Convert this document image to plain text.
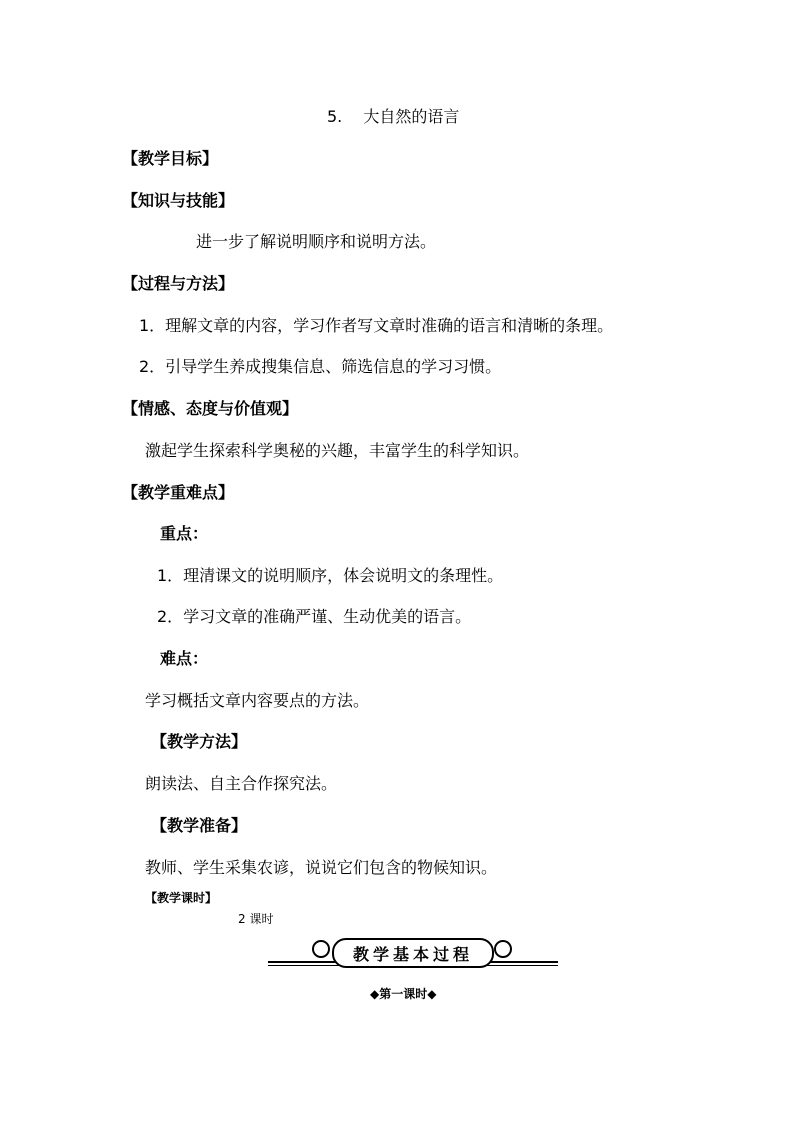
5.　 大自然的语言
【教学目标】
【知识与技能】
进一步了解说明顺序和说明方法。
【过程与方法】
1．理解文章的内容，学习作者写文章时准确的语言和清晰的条理。
2．引导学生养成搜集信息、筛选信息的学习习惯。
【情感、态度与价值观】
激起学生探索科学奥秘的兴趣，丰富学生的科学知识。
【教学重难点】
重点：
1．理清课文的说明顺序，体会说明文的条理性。
2．学习文章的准确严谨、生动优美的语言。
难点：
学习概括文章内容要点的方法。
【教学方法】
朗读法、自主合作探究法。
【教学准备】
教师、学生采集农谚，说说它们包含的物候知识。
【教学课时】
2 课时
教学基本过程
◆第一课时◆
